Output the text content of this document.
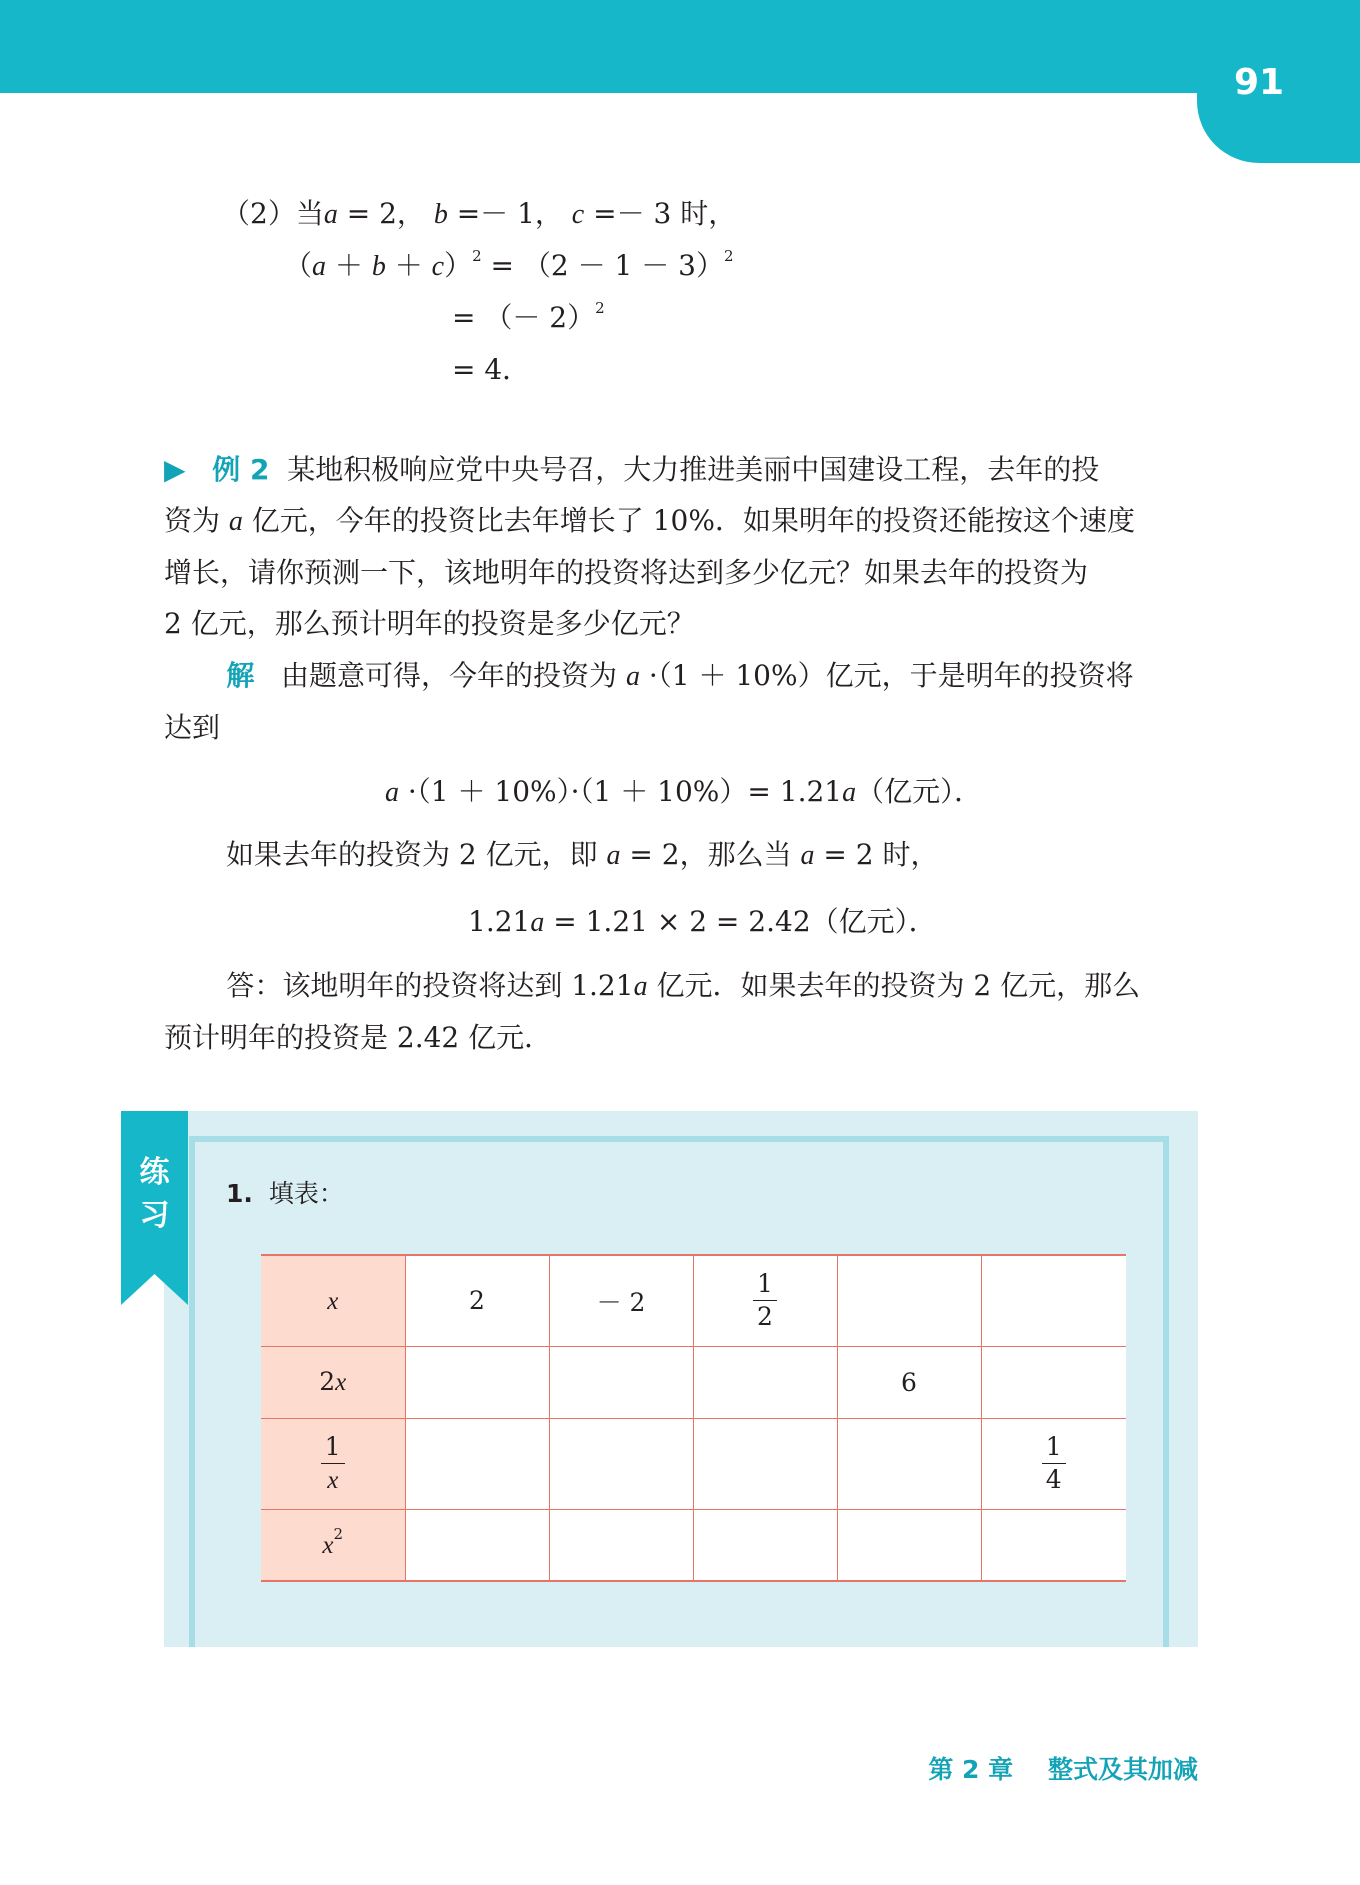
91
（2）当a = 2， b =－ 1， c =－ 3 时，
$(a + b + c)^2 = (2 - 1 - 3)^2$
= （－ 2）$^2$
= 4．
▶ 例 2 某地积极响应党中央号召，大力推进美丽中国建设工程，去年的投
资为 a 亿元，今年的投资比去年增长了 10%．如果明年的投资还能按这个速度
增长，请你预测一下，该地明年的投资将达到多少亿元？如果去年的投资为
2 亿元，那么预计明年的投资是多少亿元？
解 由题意可得，今年的投资为 a ·（1 ＋ 10%）亿元，于是明年的投资将
达到
a ·（1 ＋ 10%）·（1 ＋ 10%）= 1.21a（亿元）．
如果去年的投资为 2 亿元，即 a = 2，那么当 a = 2 时，
1.21a = 1.21 × 2 = 2.42（亿元）．
答：该地明年的投资将达到 1.21a 亿元．如果去年的投资为 2 亿元，那么
预计明年的投资是 2.42 亿元．
练
习
1. 填表：
x	2	－ 2	$\frac{1}{2}$

2x				6	

$\frac{1}{x}$					$\frac{1}{4}$

$x^2$					
第 2 章 整式及其加减
